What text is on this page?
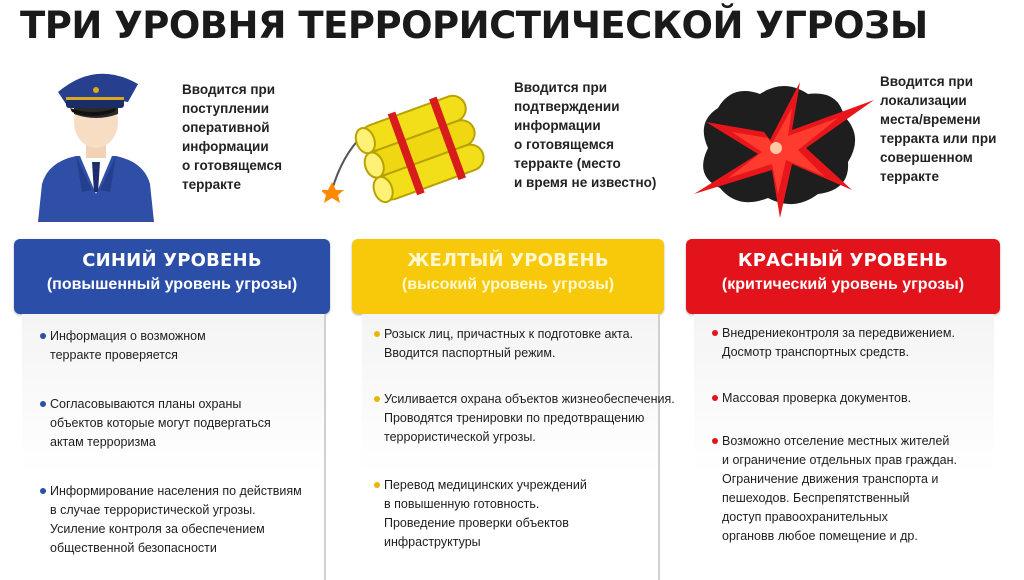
ТРИ УРОВНЯ ТЕРРОРИСТИЧЕСКОЙ УГРОЗЫ
Вводится при
поступлении
оперативной
информации
о готовящемся
терракте
СИНИЙ УРОВЕНЬ
(повышенный уровень угрозы)
Информация о возможном
терракте проверяется
Согласовываются планы охраны
объектов которые могут подвергаться
актам терроризма
Информирование населения по действиям
в случае террористической угрозы.
Усиление контроля за обеспечением
общественной безопасности
Вводится при
подтверждении
информации
о готовящемся
терракте (место
и время не известно)
ЖЕЛТЫЙ УРОВЕНЬ
(высокий уровень угрозы)
Розыск лиц, причастных к подготовке акта.
Вводится паспортный режим.
Усиливается охрана объектов жизнеобеспечения.
Проводятся тренировки по предотвращению
террористической угрозы.
Перевод медицинских учреждений
в повышенную готовность.
Проведение проверки объектов
инфраструктуры
Вводится при
локализации
места/времени
терракта или при
совершенном
терракте
КРАСНЫЙ УРОВЕНЬ
(критический уровень угрозы)
Внедрениеконтроля за передвижением.
Досмотр транспортных средств.
Массовая проверка документов.
Возможно отселение местных жителей
и ограничение отдельных прав граждан.
Ограничение движения транспорта и
пешеходов. Беспрепятственный
доступ правоохранительных
органовв любое помещение и др.
